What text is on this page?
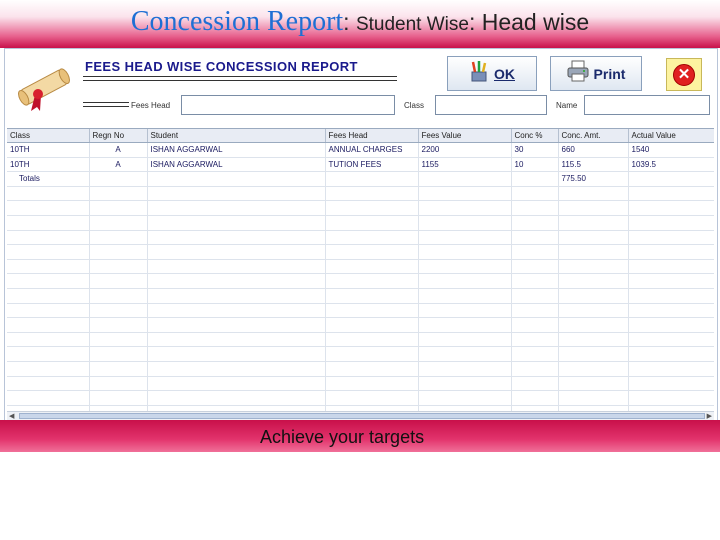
Concession Report: Student Wise: Head wise
FEES HEAD WISE CONCESSION REPORT
Fees Head	Class	Name
OK	Print	✕
Class	Regn No	Student	Fees Head	Fees Value	Conc %	Conc. Amt.	Actual Value
10TH	A	ISHAN AGGARWAL	ANNUAL CHARGES	2200	30	660	1540
10TH	A	ISHAN AGGARWAL	TUTION FEES	1155	10	115.5	1039.5
Totals						775.50	

◀	▶
Achieve your targets
